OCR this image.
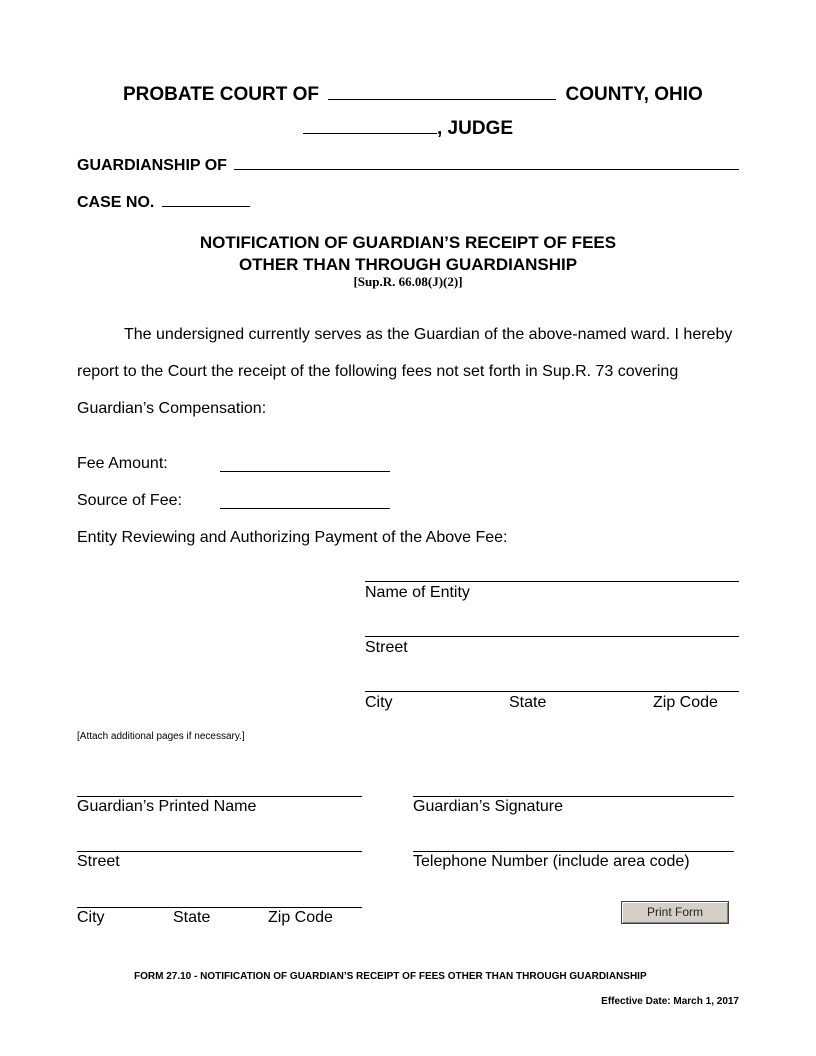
PROBATE COURT OF	COUNTY, OHIO
, JUDGE
GUARDIANSHIP OF
CASE NO.
NOTIFICATION OF GUARDIAN’S RECEIPT OF FEES
OTHER THAN THROUGH GUARDIANSHIP
[Sup.R. 66.08(J)(2)]
The undersigned currently serves as the Guardian of the above-named ward. I hereby
report to the Court the receipt of the following fees not set forth in Sup.R. 73 covering
Guardian’s Compensation:
Fee Amount:
Source of Fee:
Entity Reviewing and Authorizing Payment of the Above Fee:
Name of Entity
Street
City	State	Zip Code
[Attach additional pages if necessary.]
Guardian’s Printed Name	Guardian’s Signature
Street	Telephone Number (include area code)
City	State	Zip Code	Print Form
FORM 27.10 - NOTIFICATION OF GUARDIAN’S RECEIPT OF FEES OTHER THAN THROUGH GUARDIANSHIP
Effective Date: March 1, 2017
